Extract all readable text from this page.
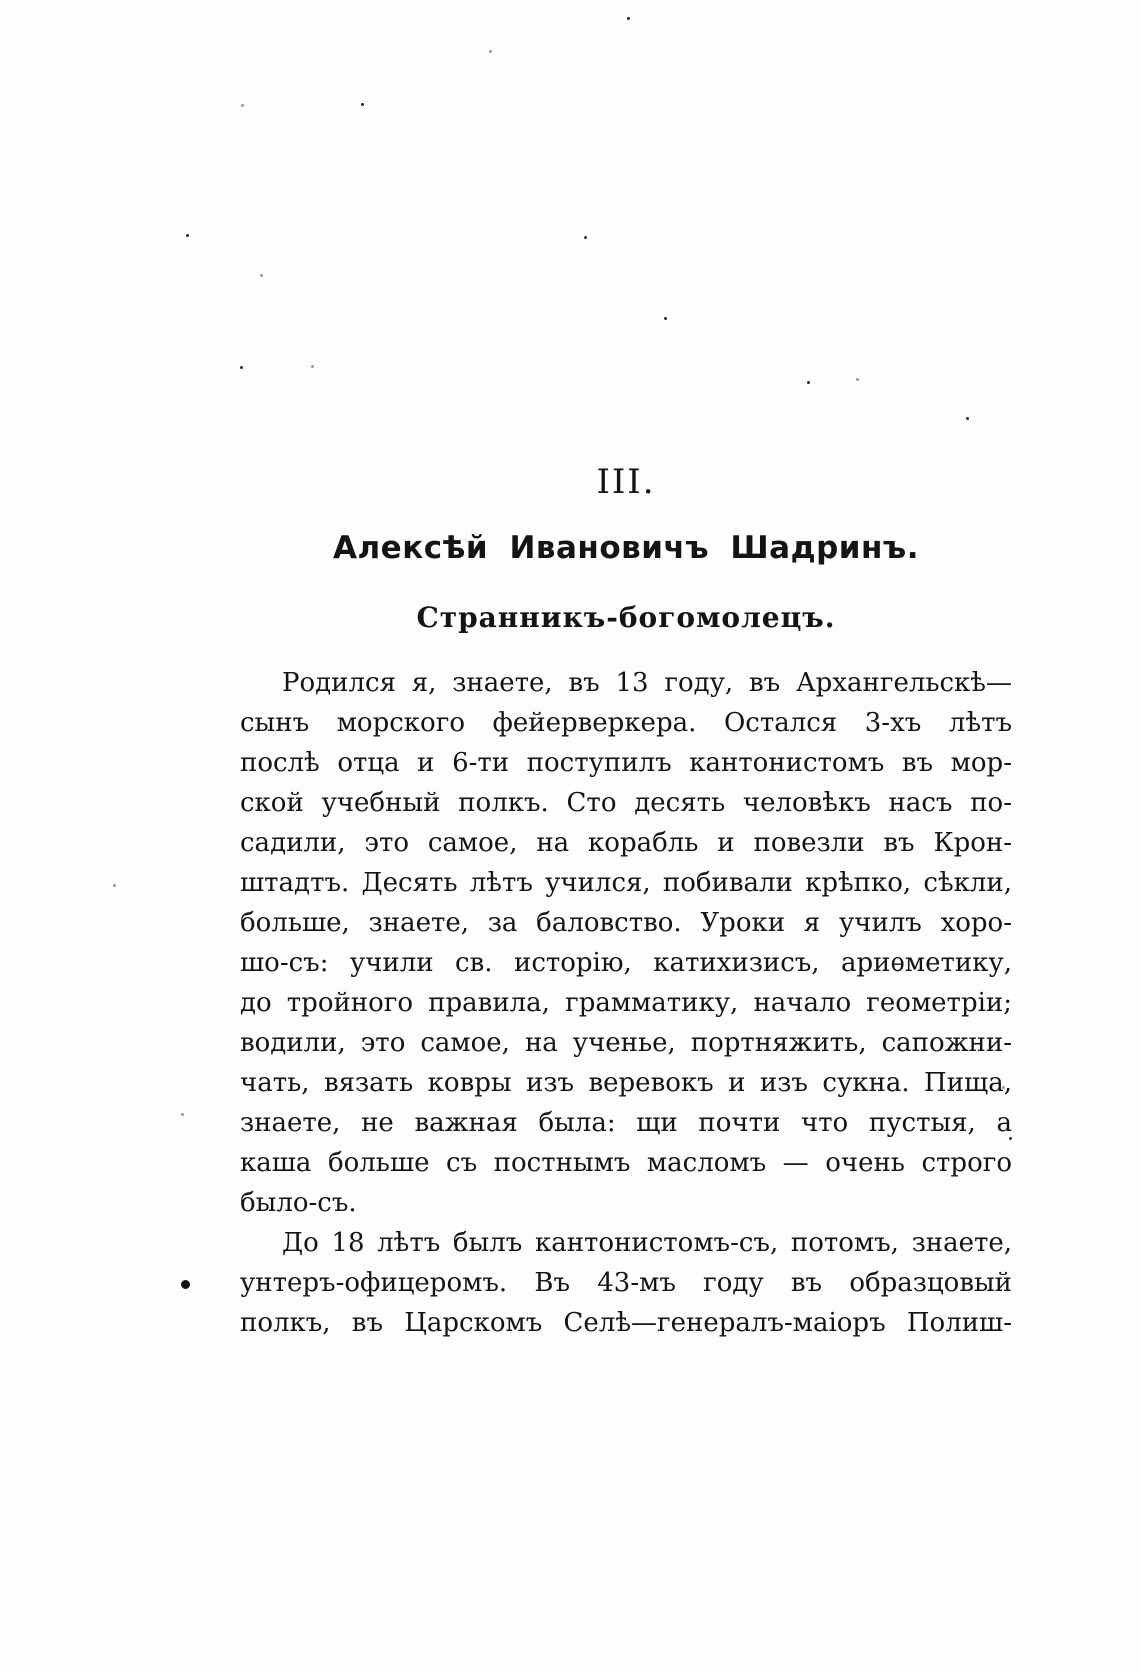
III.
Алексѣй Ивановичъ Шадринъ.
Странникъ-богомолецъ.
Родился я, знаете, въ 13 году, въ Архангельскѣ—
сынъ морского фейерверкера. Остался 3-хъ лѣтъ
послѣ отца и 6-ти поступилъ кантонистомъ въ мор-
ской учебный полкъ. Сто десять человѣкъ насъ по-
садили, это самое, на корабль и повезли въ Крон-
штадтъ. Десять лѣтъ учился, побивали крѣпко, сѣкли,
больше, знаете, за баловство. Уроки я училъ хоро-
шо-съ: учили св. исторію, катихизисъ, ариѳметику,
до тройного правила, грамматику, начало геометріи;
водили, это самое, на ученье, портняжить, сапожни-
чать, вязать ковры изъ веревокъ и изъ сукна. Пища,
знаете, не важная была: щи почти что пустыя, а
каша больше съ постнымъ масломъ — очень строго
было-съ.
До 18 лѣтъ былъ кантонистомъ-съ, потомъ, знаете,
унтеръ-офицеромъ. Въ 43-мъ году въ образцовый
полкъ, въ Царскомъ Селѣ—генералъ-маіоръ Полиш-
